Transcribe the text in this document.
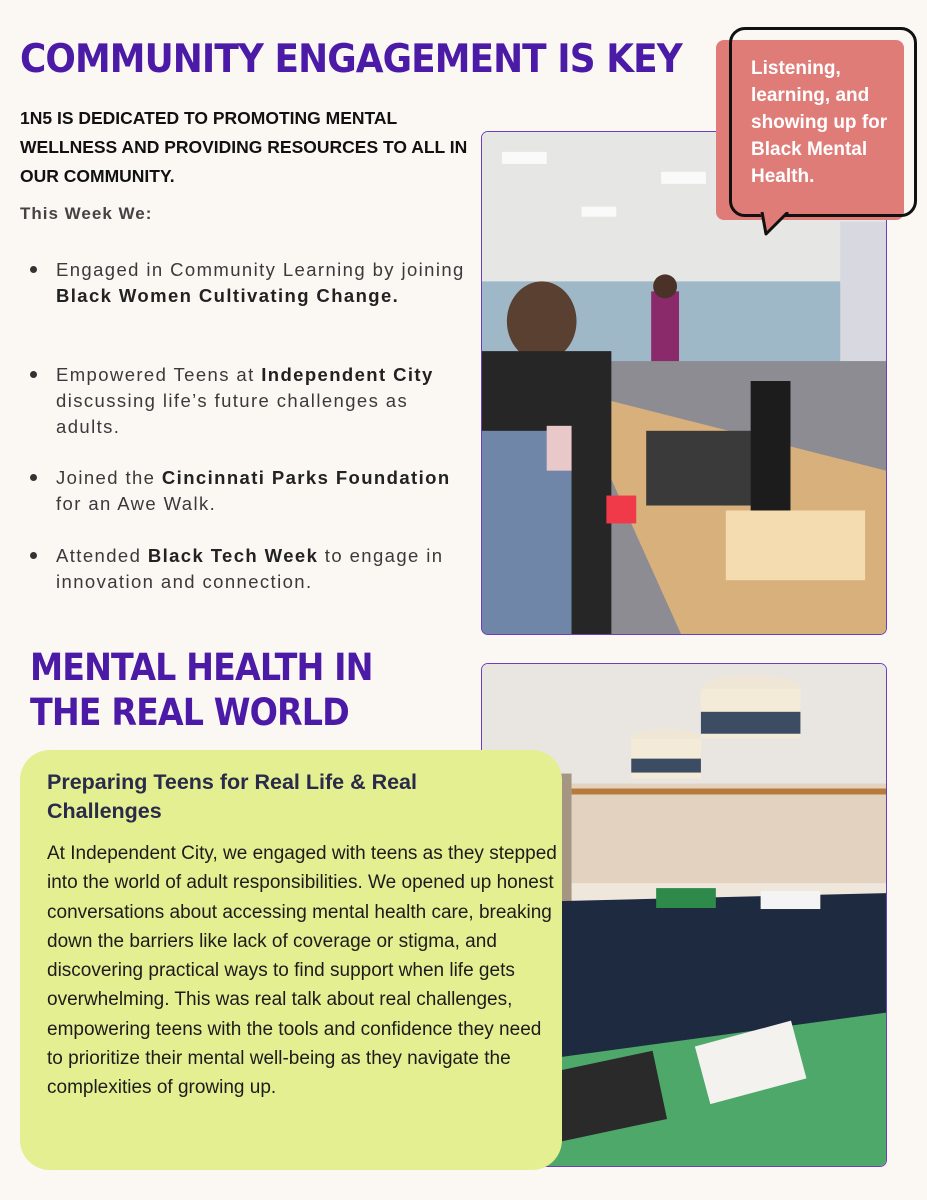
COMMUNITY ENGAGEMENT IS KEY
1N5 IS DEDICATED TO PROMOTING MENTAL WELLNESS AND PROVIDING RESOURCES TO ALL IN OUR COMMUNITY.
This Week We:
Engaged in Community Learning by joining Black Women Cultivating Change.
Empowered Teens at Independent City discussing life’s future challenges as adults.
Joined the Cincinnati Parks Foundation for an Awe Walk.
Attended Black Tech Week to engage in innovation and connection.
MENTAL HEALTH IN THE REAL WORLD
Listening, learning, and showing up for Black Mental Health.
Preparing Teens for Real Life & Real Challenges
At Independent City, we engaged with teens as they stepped into the world of adult responsibilities. We opened up honest conversations about accessing mental health care, breaking down the barriers like lack of coverage or stigma, and discovering practical ways to find support when life gets overwhelming. This was real talk about real challenges, empowering teens with the tools and confidence they need to prioritize their mental well-being as they navigate the complexities of growing up.
